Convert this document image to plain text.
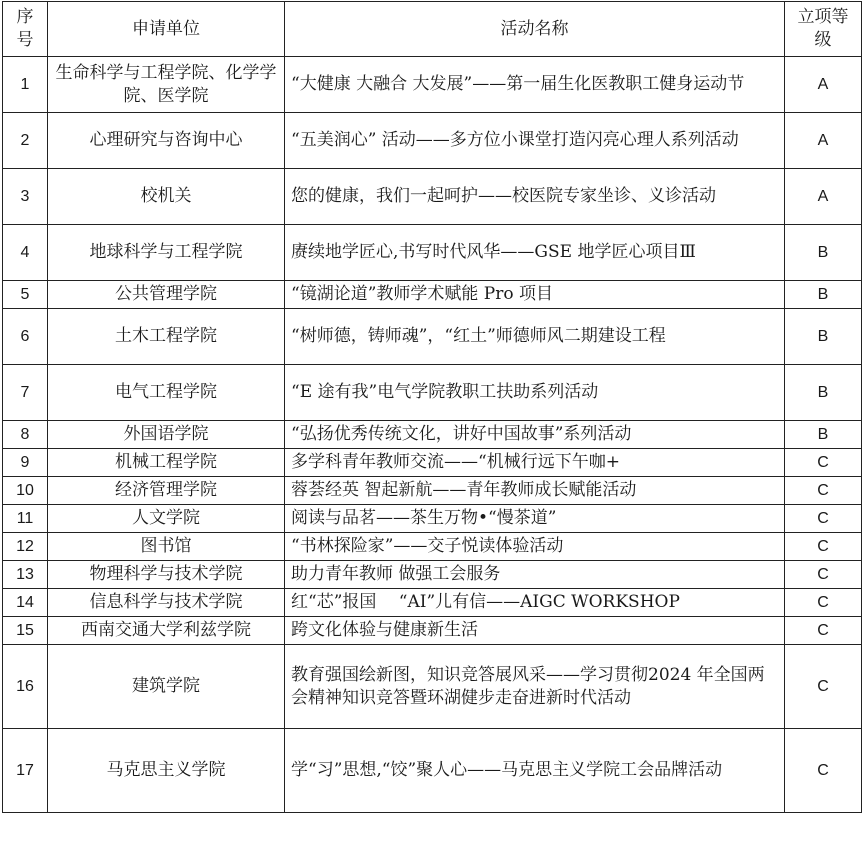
序号	申请单位	活动名称	立项等级
1	生命科学与工程学院、化学学院、医学院	“大健康 大融合 大发展”——第一届生化医教职工健身运动节	A
2	心理研究与咨询中心	“五美润心” 活动——多方位小课堂打造闪亮心理人系列活动	A
3	校机关	您的健康，我们一起呵护——校医院专家坐诊、义诊活动	A
4	地球科学与工程学院	赓续地学匠心,书写时代风华——GSE 地学匠心项目Ⅲ	B
5	公共管理学院	“镜湖论道”教师学术赋能 Pro 项目	B
6	土木工程学院	“树师德，铸师魂”，“红土”师德师风二期建设工程	B
7	电气工程学院	“E 途有我”电气学院教职工扶助系列活动	B
8	外国语学院	“弘扬优秀传统文化，讲好中国故事”系列活动	B
9	机械工程学院	多学科青年教师交流——“机械行远下午咖+	C
10	经济管理学院	蓉荟经英 智起新航——青年教师成长赋能活动	C
11	人文学院	阅读与品茗——茶生万物•“慢茶道”	C
12	图书馆	“书林探险家”——交子悦读体验活动	C
13	物理科学与技术学院	助力青年教师 做强工会服务	C
14	信息科学与技术学院	红“芯”报国　 “AI”儿有信——AIGC WORKSHOP	C
15	西南交通大学利兹学院	跨文化体验与健康新生活	C
16	建筑学院	教育强国绘新图，知识竞答展风采——学习贯彻2024 年全国两会精神知识竞答暨环湖健步走奋进新时代活动	C
17	马克思主义学院	学“习”思想,“饺”聚人心——马克思主义学院工会品牌活动	C
